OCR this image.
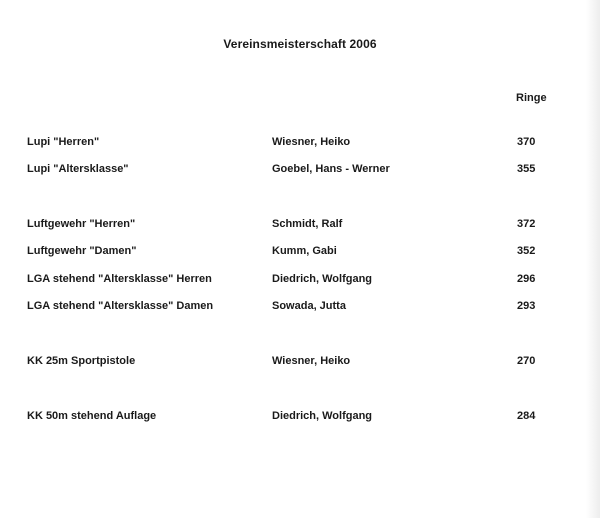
Vereinsmeisterschaft 2006
Ringe
Lupi "Herren"	Wiesner, Heiko	370
Lupi "Altersklasse"	Goebel, Hans - Werner	355
Luftgewehr "Herren"	Schmidt, Ralf	372
Luftgewehr "Damen"	Kumm, Gabi	352
LGA stehend "Altersklasse" Herren	Diedrich, Wolfgang	296
LGA stehend "Altersklasse" Damen	Sowada, Jutta	293
KK 25m Sportpistole	Wiesner, Heiko	270
KK 50m stehend Auflage	Diedrich, Wolfgang	284
